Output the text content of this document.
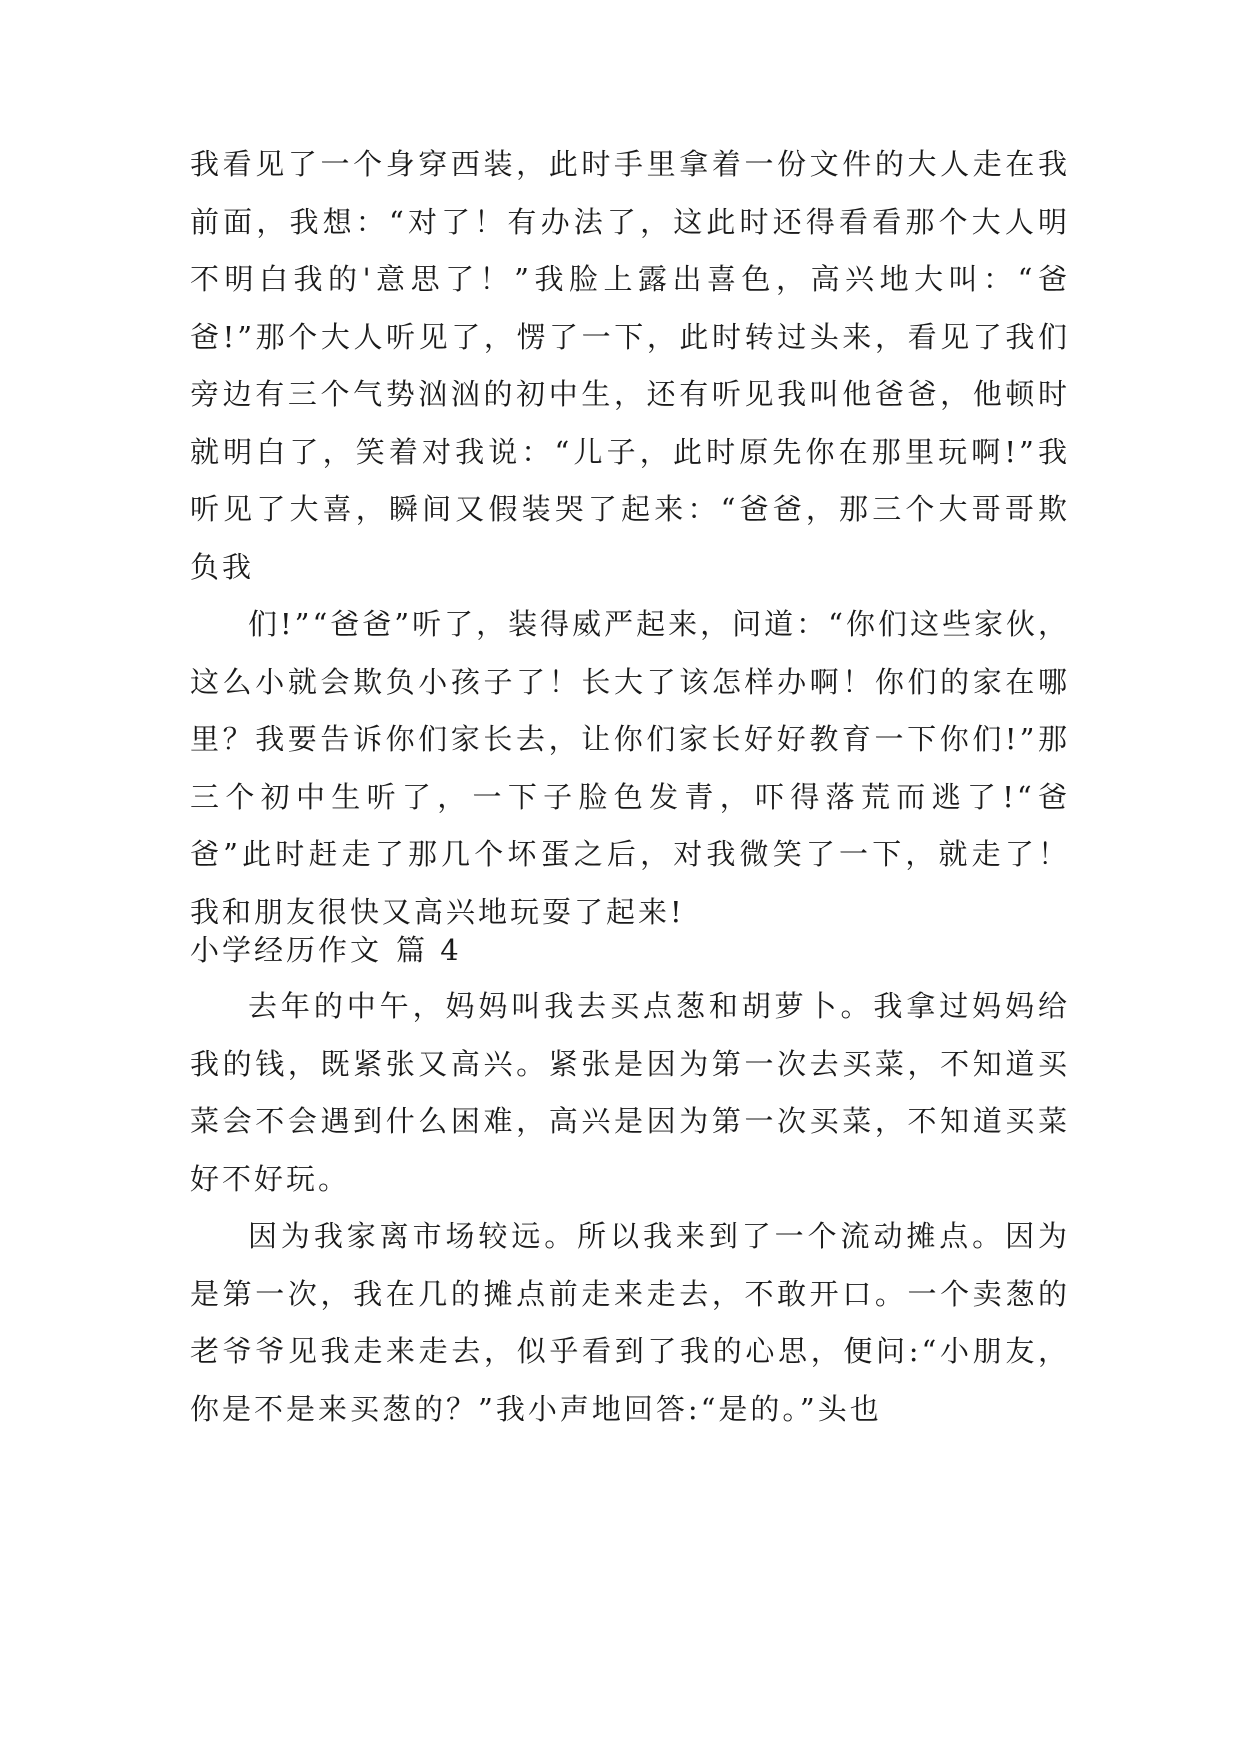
我看见了一个身穿西装，此时手里拿着一份文件的大人走在我前面，我想：“对了！有办法了，这此时还得看看那个大人明不明白我的'意思了！”我脸上露出喜色，高兴地大叫：“爸爸!”那个大人听见了，愣了一下，此时转过头来，看见了我们旁边有三个气势汹汹的初中生，还有听见我叫他爸爸，他顿时就明白了，笑着对我说：“儿子，此时原先你在那里玩啊!”我听见了大喜，瞬间又假装哭了起来：“爸爸，那三个大哥哥欺负我

们!”“爸爸”听了，装得威严起来，问道：“你们这些家伙，这么小就会欺负小孩子了！长大了该怎样办啊！你们的家在哪里？我要告诉你们家长去，让你们家长好好教育一下你们!”那三个初中生听了，一下子脸色发青，吓得落荒而逃了!“爸爸”此时赶走了那几个坏蛋之后，对我微笑了一下，就走了！我和朋友很快又高兴地玩耍了起来!

小学经历作文 篇 4

去年的中午，妈妈叫我去买点葱和胡萝卜。我拿过妈妈给我的钱，既紧张又高兴。紧张是因为第一次去买菜，不知道买菜会不会遇到什么困难，高兴是因为第一次买菜，不知道买菜好不好玩。

因为我家离市场较远。所以我来到了一个流动摊点。因为是第一次，我在几的摊点前走来走去，不敢开口。一个卖葱的老爷爷见我走来走去，似乎看到了我的心思，便问:“小朋友，你是不是来买葱的？”我小声地回答:“是的。”头也
